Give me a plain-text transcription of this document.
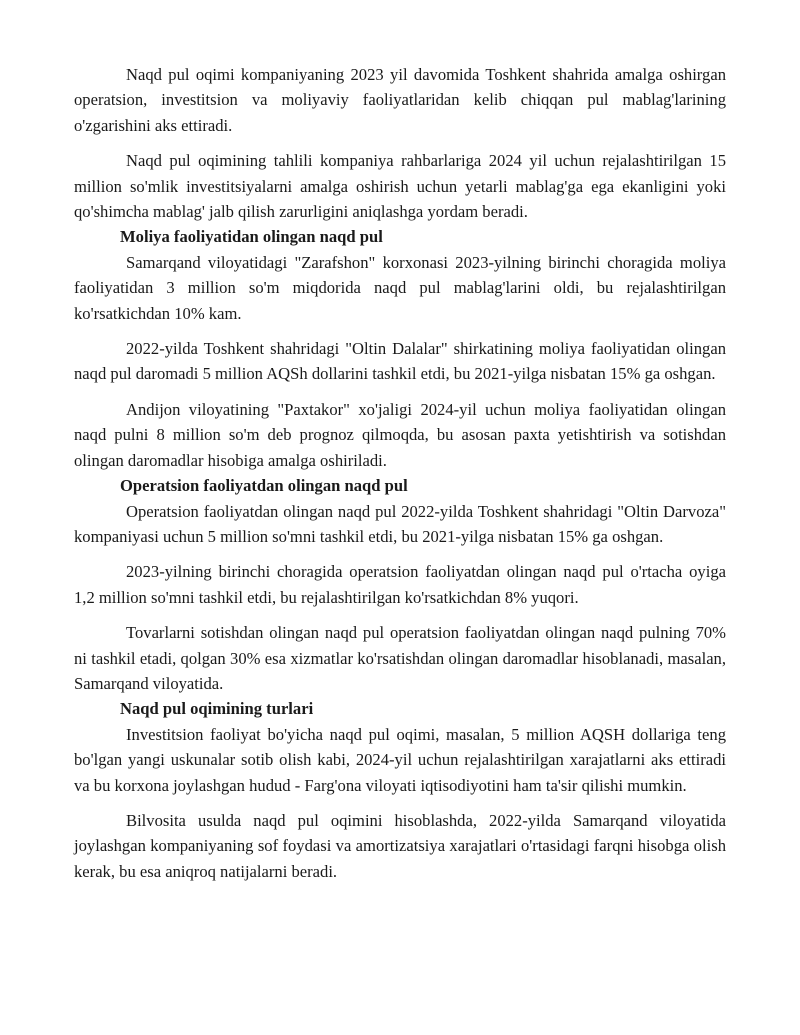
Naqd pul oqimi kompaniyaning 2023 yil davomida Toshkent shahrida amalga oshirgan operatsion, investitsion va moliyaviy faoliyatlaridan kelib chiqqan pul mablag'larining o'zgarishini aks ettiradi.

Naqd pul oqimining tahlili kompaniya rahbarlariga 2024 yil uchun rejalashtirilgan 15 million so'mlik investitsiyalarni amalga oshirish uchun yetarli mablag'ga ega ekanligini yoki qo'shimcha mablag' jalb qilish zarurligini aniqlashga yordam beradi.

Moliya faoliyatidan olingan naqd pul

Samarqand viloyatidagi "Zarafshon" korxonasi 2023-yilning birinchi choragida moliya faoliyatidan 3 million so'm miqdorida naqd pul mablag'larini oldi, bu rejalashtirilgan ko'rsatkichdan 10% kam.

2022-yilda Toshkent shahridagi "Oltin Dalalar" shirkatining moliya faoliyatidan olingan naqd pul daromadi 5 million AQSh dollarini tashkil etdi, bu 2021-yilga nisbatan 15% ga oshgan.

Andijon viloyatining "Paxtakor" xo'jaligi 2024-yil uchun moliya faoliyatidan olingan naqd pulni 8 million so'm deb prognoz qilmoqda, bu asosan paxta yetishtirish va sotishdan olingan daromadlar hisobiga amalga oshiriladi.

Operatsion faoliyatdan olingan naqd pul

Operatsion faoliyatdan olingan naqd pul 2022-yilda Toshkent shahridagi "Oltin Darvoza" kompaniyasi uchun 5 million so'mni tashkil etdi, bu 2021-yilga nisbatan 15% ga oshgan.

2023-yilning birinchi choragida operatsion faoliyatdan olingan naqd pul o'rtacha oyiga 1,2 million so'mni tashkil etdi, bu rejalashtirilgan ko'rsatkichdan 8% yuqori.

Tovarlarni sotishdan olingan naqd pul operatsion faoliyatdan olingan naqd pulning 70% ni tashkil etadi, qolgan 30% esa xizmatlar ko'rsatishdan olingan daromadlar hisoblanadi, masalan, Samarqand viloyatida.

Naqd pul oqimining turlari

Investitsion faoliyat bo'yicha naqd pul oqimi, masalan, 5 million AQSH dollariga teng bo'lgan yangi uskunalar sotib olish kabi, 2024-yil uchun rejalashtirilgan xarajatlarni aks ettiradi va bu korxona joylashgan hudud - Farg'ona viloyati iqtisodiyotini ham ta'sir qilishi mumkin.

Bilvosita usulda naqd pul oqimini hisoblashda, 2022-yilda Samarqand viloyatida joylashgan kompaniyaning sof foydasi va amortizatsiya xarajatlari o'rtasidagi farqni hisobga olish kerak, bu esa aniqroq natijalarni beradi.
